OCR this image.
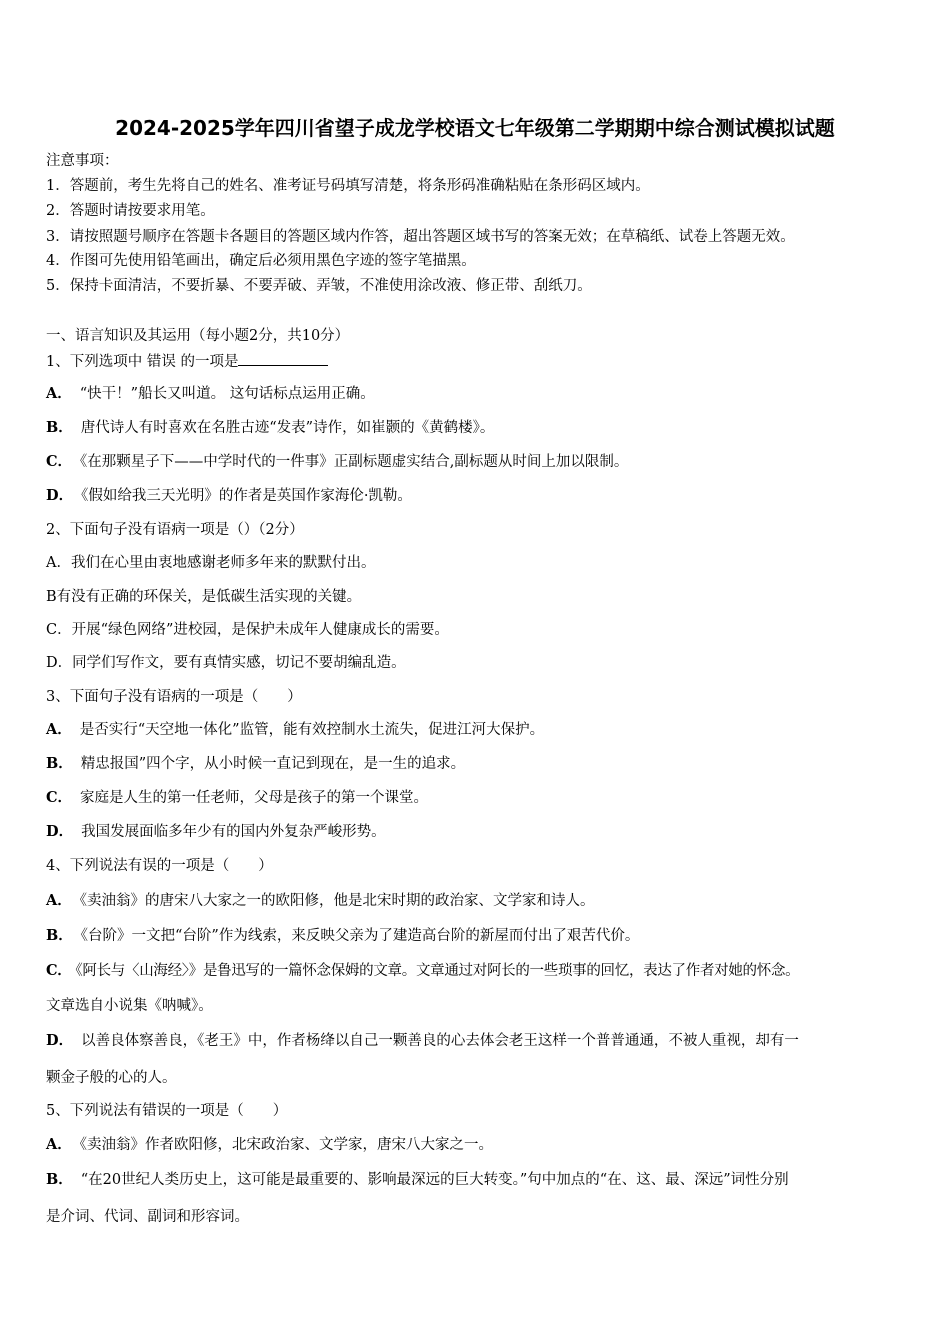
2024-2025学年四川省望子成龙学校语文七年级第二学期期中综合测试模拟试题
注意事项：
1．答题前，考生先将自己的姓名、准考证号码填写清楚，将条形码准确粘贴在条形码区域内。
2．答题时请按要求用笔。
3．请按照题号顺序在答题卡各题目的答题区域内作答，超出答题区域书写的答案无效；在草稿纸、试卷上答题无效。
4．作图可先使用铅笔画出，确定后必须用黑色字迹的签字笔描黑。
5．保持卡面清洁，不要折暴、不要弄破、弄皱，不准使用涂改液、修正带、刮纸刀。
一、语言知识及其运用（每小题2分，共10分）
1、下列选项中 错误 的一项是
A． “快干！”船长又叫道。 这句话标点运用正确。
B． 唐代诗人有时喜欢在名胜古迹“发表”诗作，如崔颢的《黄鹤楼》。
C． 《在那颗星子下——中学时代的一件事》正副标题虚实结合,副标题从时间上加以限制。
D． 《假如给我三天光明》的作者是英国作家海伦·凯勒。
2、下面句子没有语病一项是（）（2分）
A．我们在心里由衷地感谢老师多年来的默默付出。
B有没有正确的环保关，是低碳生活实现的关键。
C．开展“绿色网络”进校园，是保护未成年人健康成长的需要。
D．同学们写作文，要有真情实感，切记不要胡编乱造。
3、下面句子没有语病的一项是（　　）
A． 是否实行“天空地一体化”监管，能有效控制水土流失，促进江河大保护。
B． 精忠报国”四个字，从小时候一直记到现在，是一生的追求。
C． 家庭是人生的第一任老师，父母是孩子的第一个课堂。
D． 我国发展面临多年少有的国内外复杂严峻形势。
4、下列说法有误的一项是（　　）
A． 《卖油翁》的唐宋八大家之一的欧阳修，他是北宋时期的政治家、文学家和诗人。
B． 《台阶》一文把“台阶”作为线索，来反映父亲为了建造高台阶的新屋而付出了艰苦代价。
C． 《阿长与〈山海经〉》是鲁迅写的一篇怀念保姆的文章。文章通过对阿长的一些琐事的回忆，表达了作者对她的怀念。
文章选自小说集《呐喊》。
D． 以善良体察善良，《老王》中，作者杨绛以自己一颗善良的心去体会老王这样一个普普通通，不被人重视，却有一
颗金子般的心的人。
5、下列说法有错误的一项是（　　）
A． 《卖油翁》作者欧阳修，北宋政治家、文学家，唐宋八大家之一。
B． “在20世纪人类历史上，这可能是最重要的、影响最深远的巨大转变。”句中加点的“在、这、最、深远”词性分别
是介词、代词、副词和形容词。
